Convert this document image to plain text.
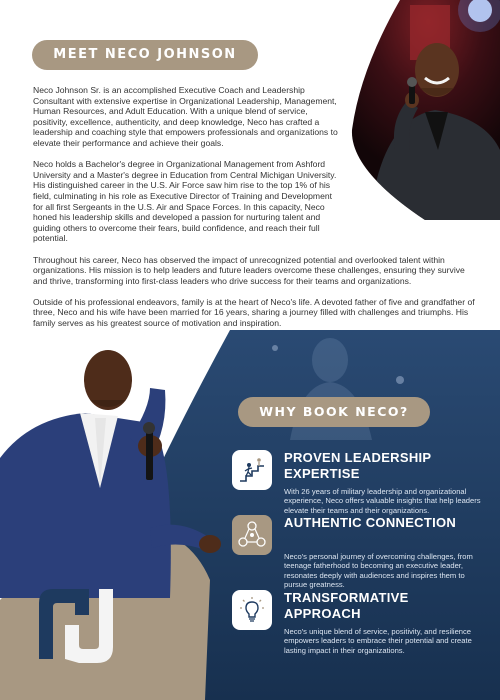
MEET NECO JOHNSON

Neco Johnson Sr. is an accomplished Executive Coach and Leadership Consultant with extensive expertise in Organizational Leadership, Management, Human Resources, and Adult Education. With a unique blend of service, positivity, excellence, authenticity, and deep knowledge, Neco has crafted a leadership and coaching style that empowers professionals and organizations to elevate their performance and achieve their goals.

Neco holds a Bachelor's degree in Organizational Management from Ashford University and a Master's degree in Education from Central Michigan University. His distinguished career in the U.S. Air Force saw him rise to the top 1% of his field, culminating in his role as Executive Director of Training and Development for all first Sergeants in the U.S. Air and Space Forces. In this capacity, Neco honed his leadership skills and developed a passion for nurturing talent and guiding others to overcome their fears, build confidence, and reach their full potential.

Throughout his career, Neco has observed the impact of unrecognized potential and overlooked talent within organizations. His mission is to help leaders and future leaders overcome these challenges, ensuring they survive and thrive, transforming into first-class leaders who drive success for their teams and organizations.

Outside of his professional endeavors, family is at the heart of Neco's life. A devoted father of five and grandfather of three, Neco and his wife have been married for 16 years, sharing a journey filled with challenges and triumphs. His family serves as his greatest source of motivation and inspiration.

WHY BOOK NECO?
PROVEN LEADERSHIP EXPERTISE
With 26 years of military leadership and organizational experience, Neco offers valuable insights that help leaders elevate their teams and their organizations.
AUTHENTIC CONNECTION
Neco's personal journey of overcoming challenges, from teenage fatherhood to becoming an executive leader, resonates deeply with audiences and inspires them to pursue greatness.
TRANSFORMATIVE APPROACH
Neco's unique blend of service, positivity, and resilience empowers leaders to embrace their potential and create lasting impact in their organizations.
